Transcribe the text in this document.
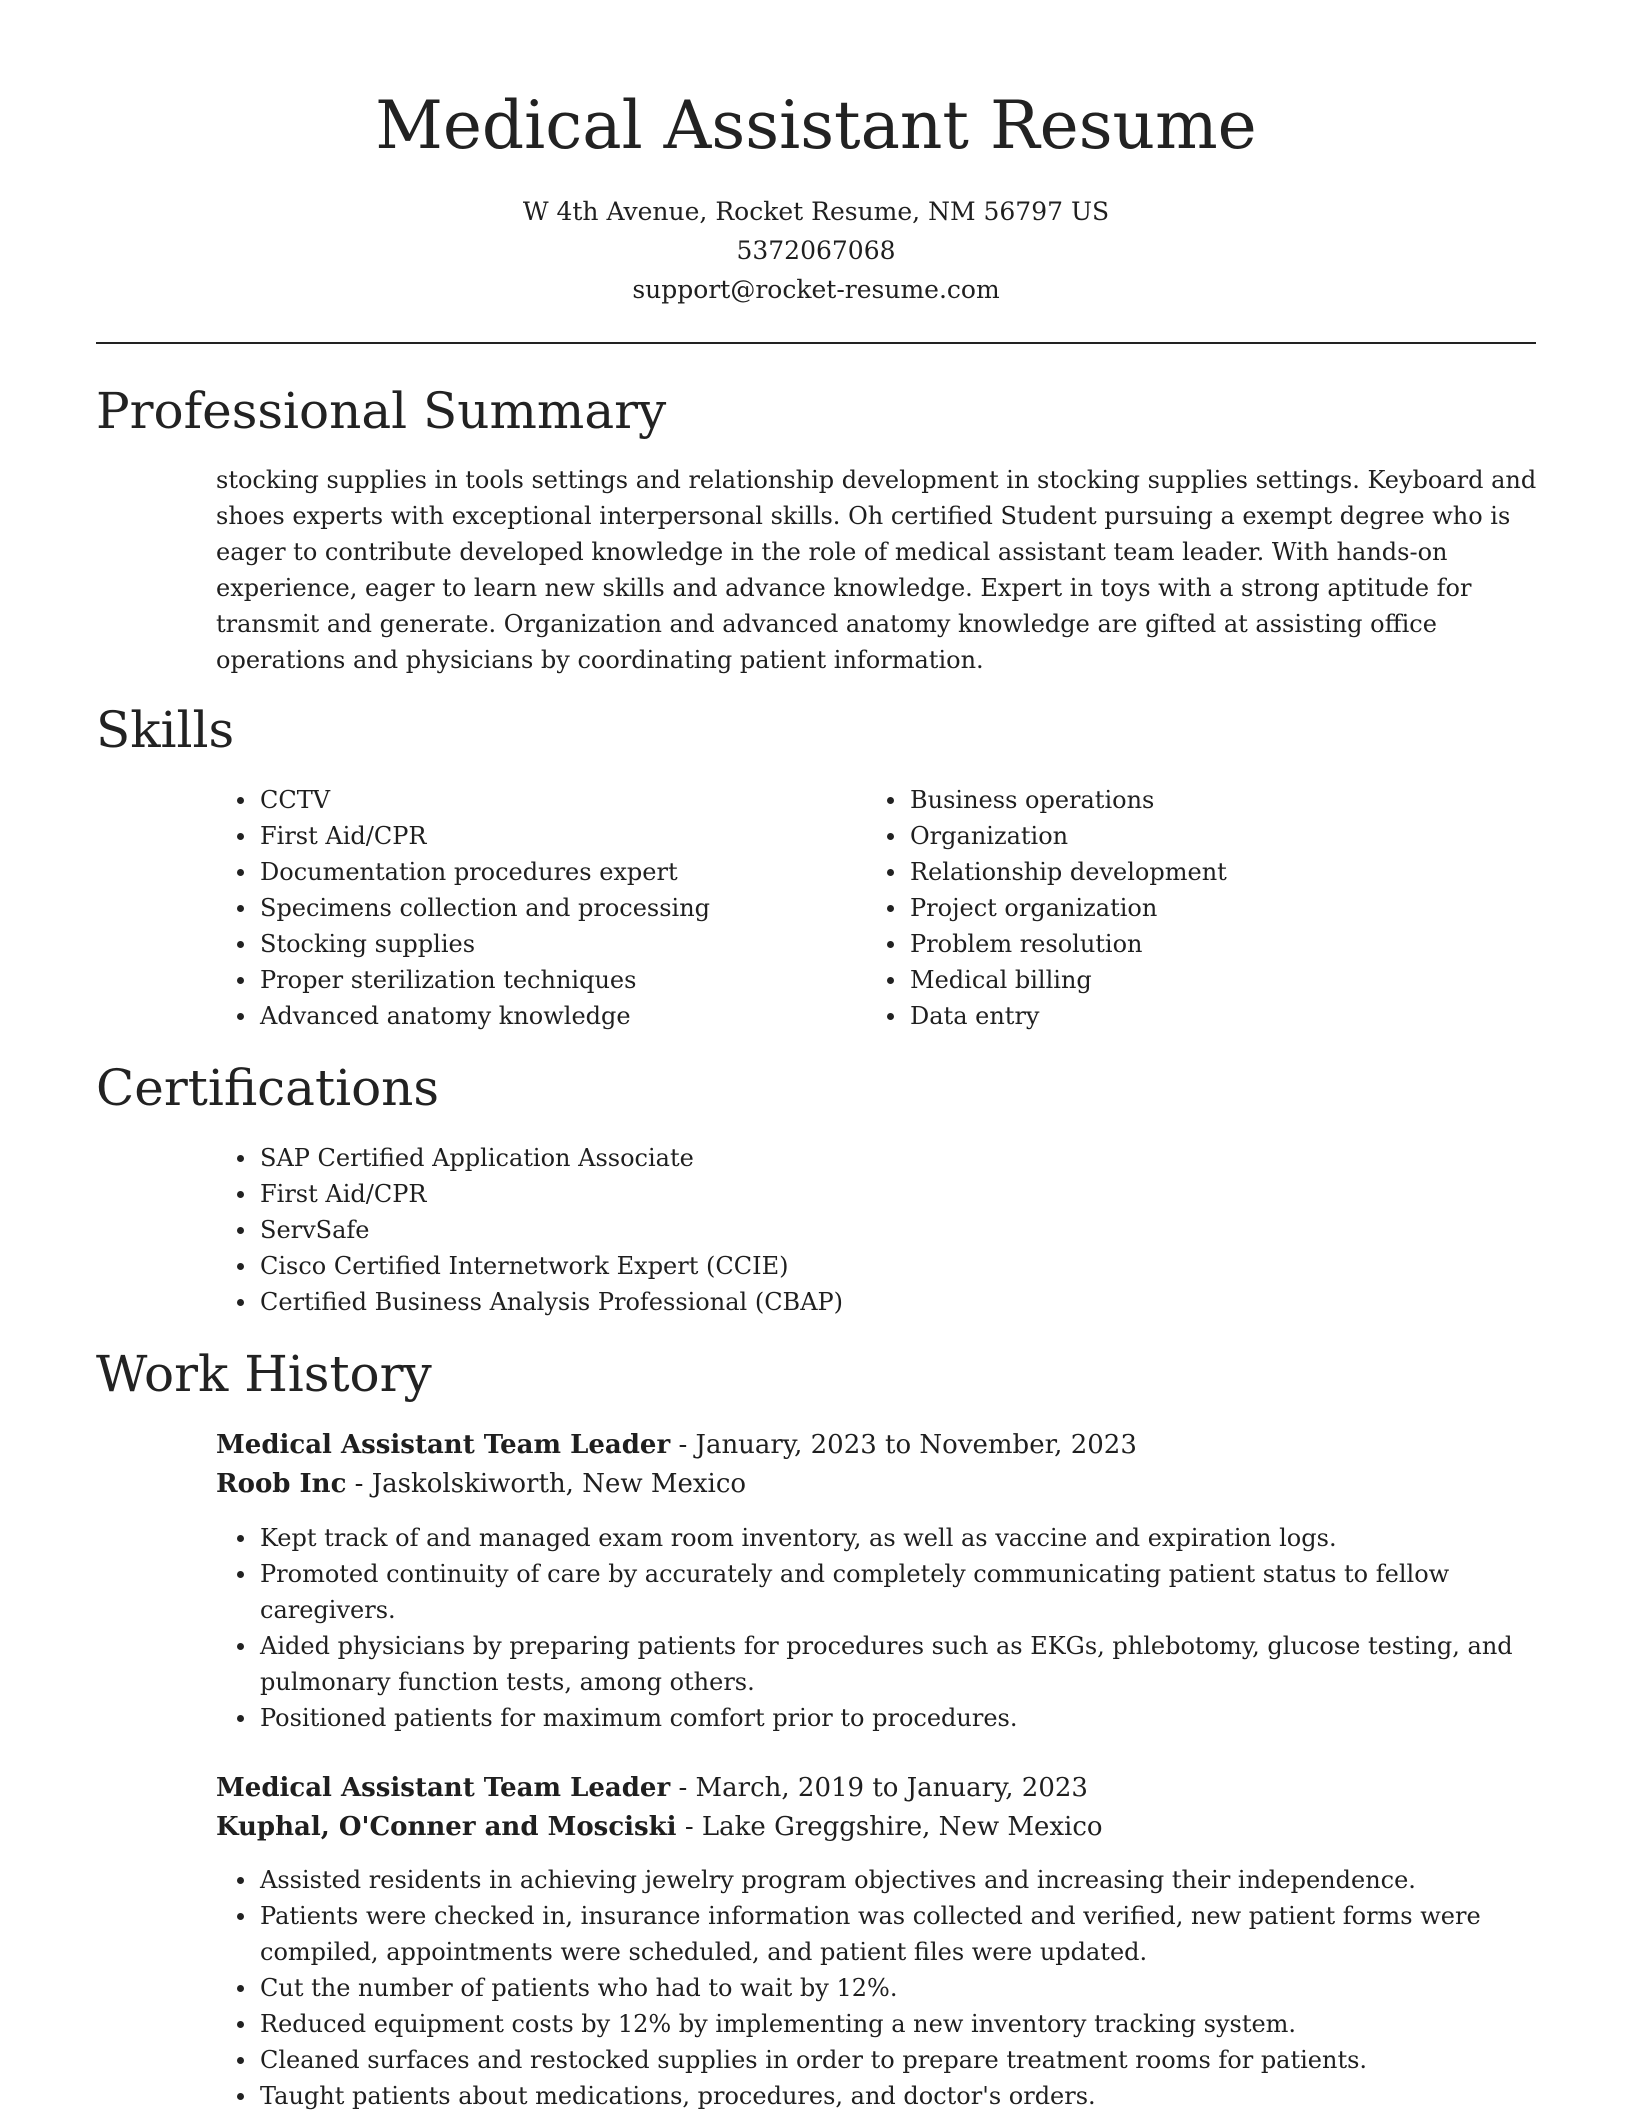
Medical Assistant Resume
W 4th Avenue, Rocket Resume, NM 56797 US
5372067068
support@rocket-resume.com
Professional Summary

stocking supplies in tools settings and relationship development in stocking supplies settings. Keyboard and shoes experts with exceptional interpersonal skills. Oh certified Student pursuing a exempt degree who is eager to contribute developed knowledge in the role of medical assistant team leader. With hands-on experience, eager to learn new skills and advance knowledge. Expert in toys with a strong aptitude for transmit and generate. Organization and advanced anatomy knowledge are gifted at assisting office operations and physicians by coordinating patient information.

Skills
CCTV
First Aid/CPR
Documentation procedures expert
Specimens collection and processing
Stocking supplies
Proper sterilization techniques
Advanced anatomy knowledge
Business operations
Organization
Relationship development
Project organization
Problem resolution
Medical billing
Data entry
Certifications
SAP Certified Application Associate
First Aid/CPR
ServSafe
Cisco Certified Internetwork Expert (CCIE)
Certified Business Analysis Professional (CBAP)
Work History
Medical Assistant Team Leader - January, 2023 to November, 2023
Roob Inc - Jaskolskiworth, New Mexico
Kept track of and managed exam room inventory, as well as vaccine and expiration logs.
Promoted continuity of care by accurately and completely communicating patient status to fellow caregivers.
Aided physicians by preparing patients for procedures such as EKGs, phlebotomy, glucose testing, and pulmonary function tests, among others.
Positioned patients for maximum comfort prior to procedures.
Medical Assistant Team Leader - March, 2019 to January, 2023
Kuphal, O'Conner and Mosciski - Lake Greggshire, New Mexico
Assisted residents in achieving jewelry program objectives and increasing their independence.
Patients were checked in, insurance information was collected and verified, new patient forms were compiled, appointments were scheduled, and patient files were updated.
Cut the number of patients who had to wait by 12%.
Reduced equipment costs by 12% by implementing a new inventory tracking system.
Cleaned surfaces and restocked supplies in order to prepare treatment rooms for patients.
Taught patients about medications, procedures, and doctor's orders.
